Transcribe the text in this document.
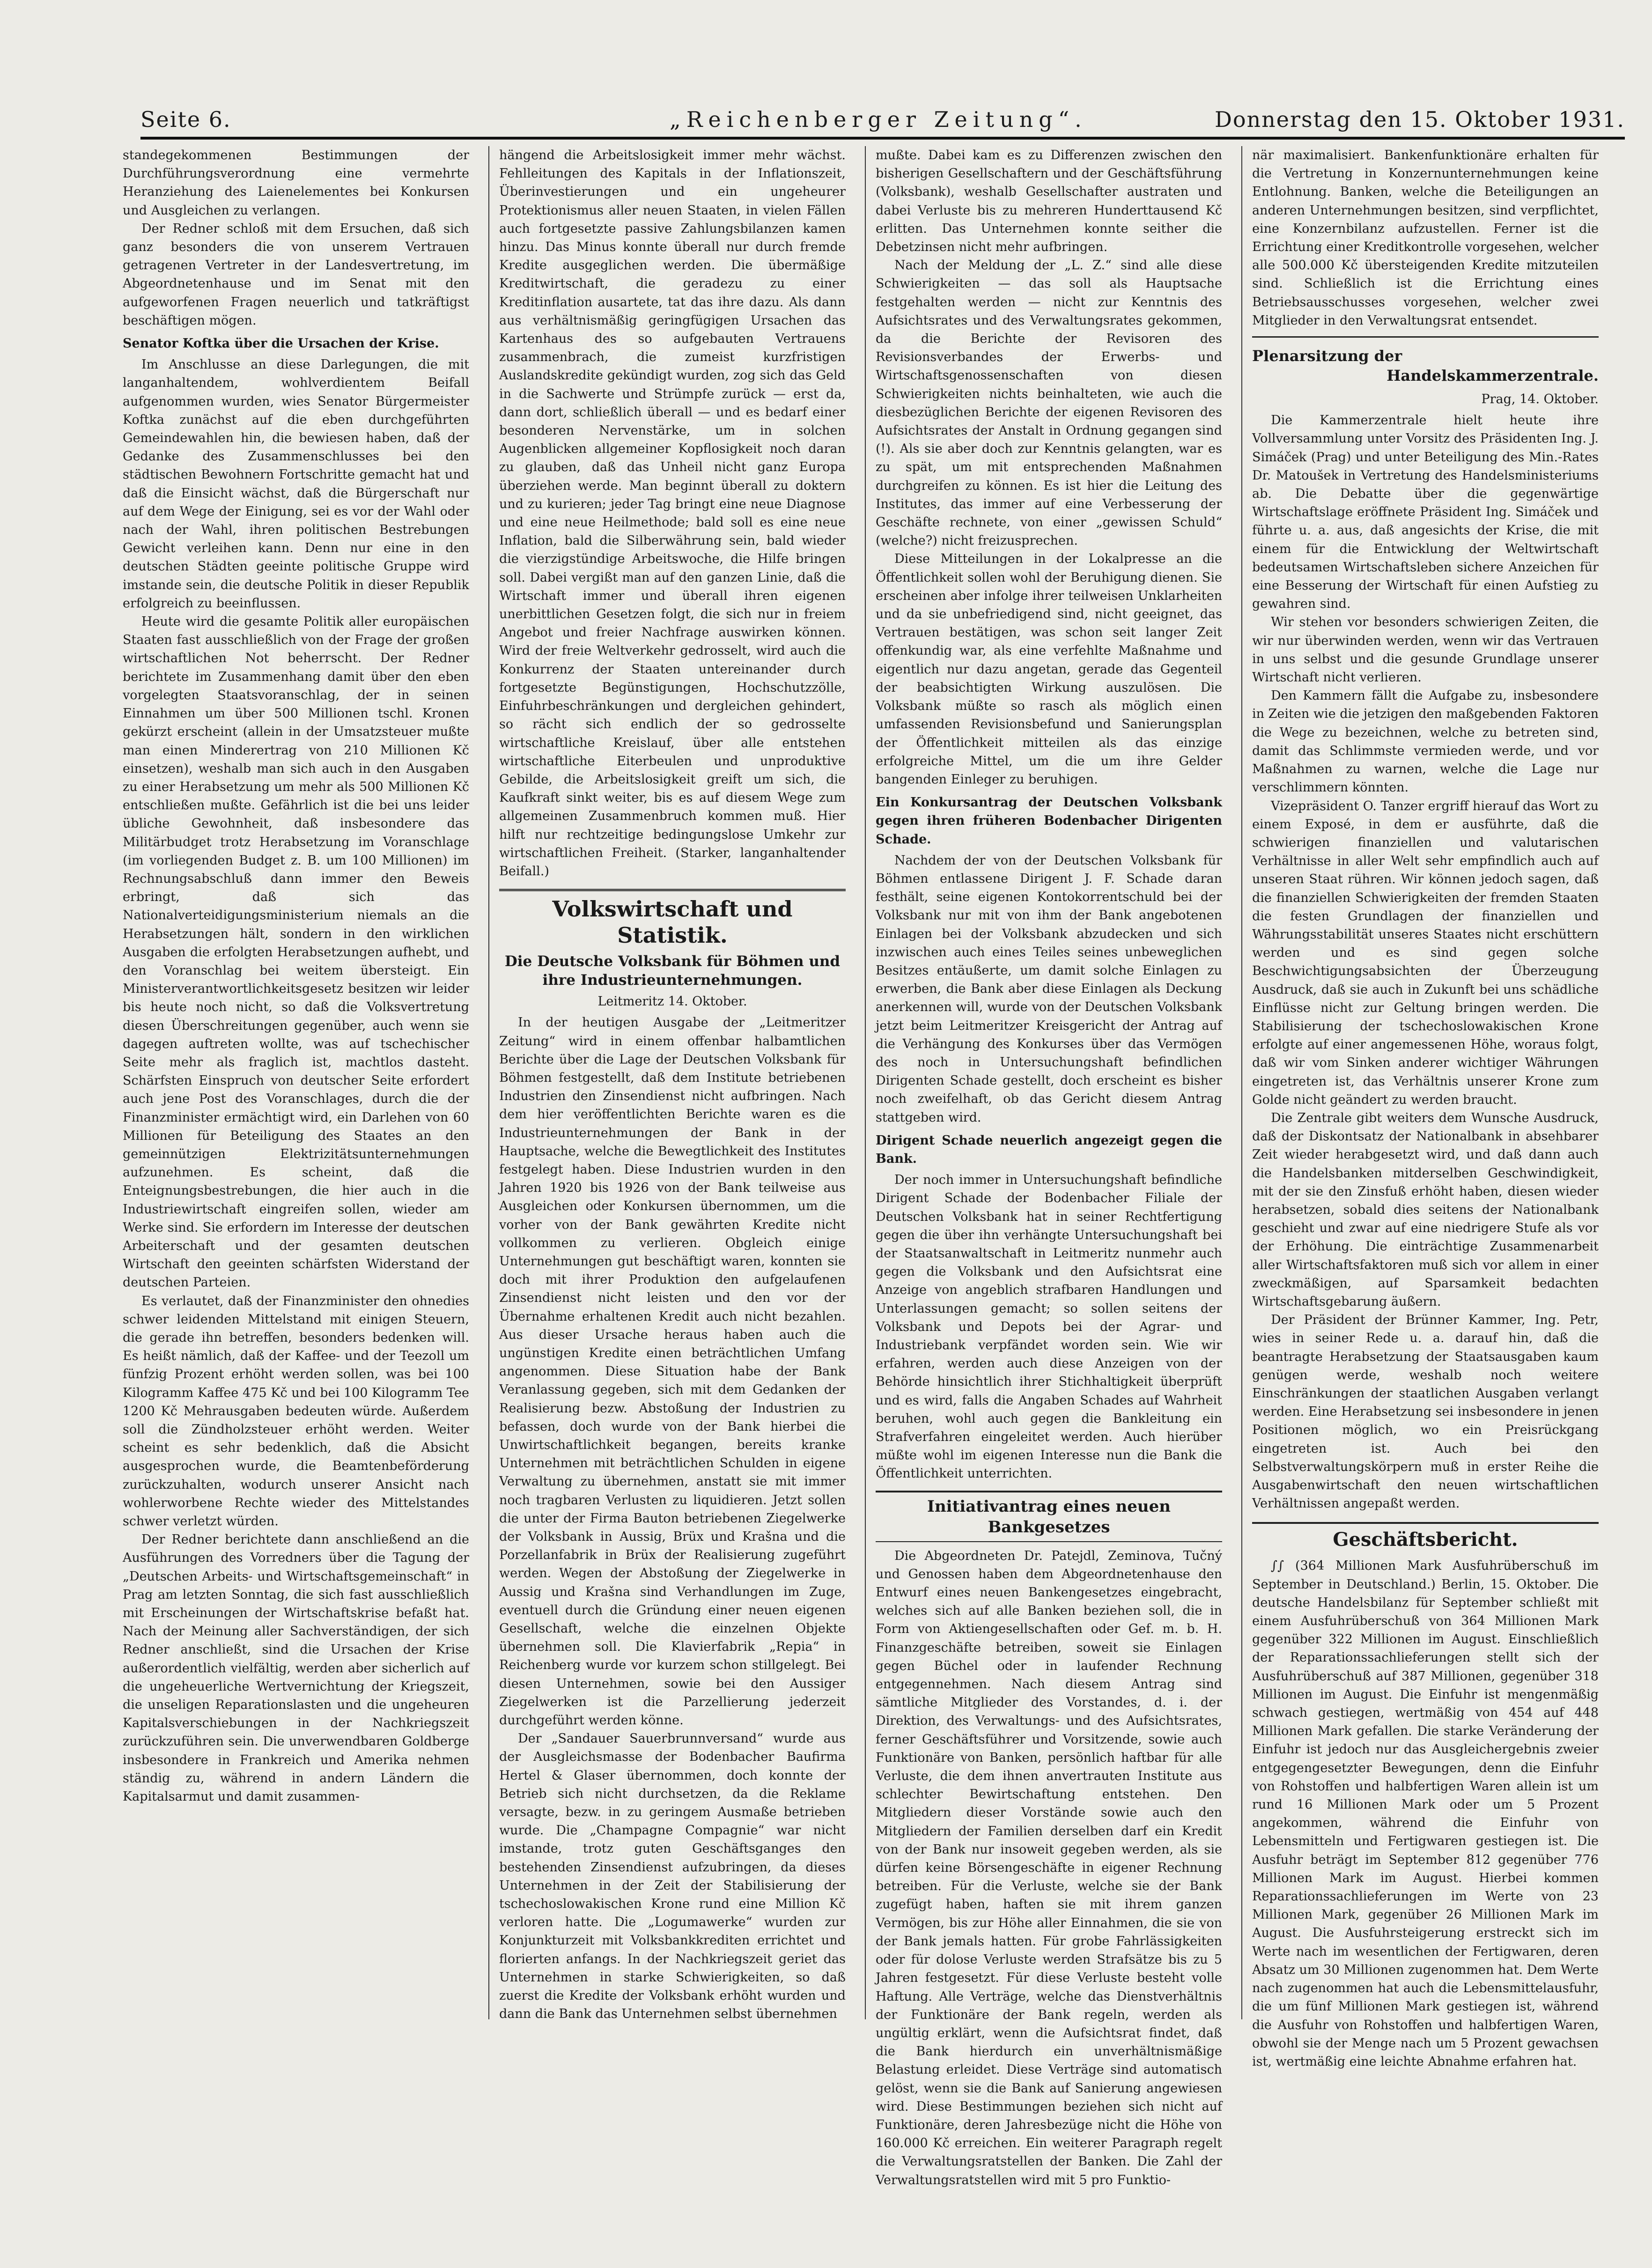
Seite 6.	„Reichenberger Zeitung“.	Donnerstag den 15. Oktober 1931.

standegekommenen Bestimmungen der Durchführungsverordnung eine vermehrte Heranziehung des Laienelementes bei Konkursen und Ausgleichen zu verlangen.

Der Redner schloß mit dem Ersuchen, daß sich ganz besonders die von unserem Vertrauen getragenen Vertreter in der Landesvertretung, im Abgeordnetenhause und im Senat mit den aufgeworfenen Fragen neuerlich und tatkräftigst beschäftigen mögen.

Senator Koftka über die Ursachen der Krise.

Im Anschlusse an diese Darlegungen, die mit langanhaltendem, wohlverdientem Beifall aufgenommen wurden, wies Senator Bürgermeister Koftka zunächst auf die eben durchgeführten Gemeindewahlen hin, die bewiesen haben, daß der Gedanke des Zusammenschlusses bei den städtischen Bewohnern Fortschritte gemacht hat und daß die Einsicht wächst, daß die Bürgerschaft nur auf dem Wege der Einigung, sei es vor der Wahl oder nach der Wahl, ihren politischen Bestrebungen Gewicht verleihen kann. Denn nur eine in den deutschen Städten geeinte politische Gruppe wird imstande sein, die deutsche Politik in dieser Republik erfolgreich zu beeinflussen.

Heute wird die gesamte Politik aller europäischen Staaten fast ausschließlich von der Frage der großen wirtschaftlichen Not beherrscht. Der Redner berichtete im Zusammenhang damit über den eben vorgelegten Staatsvoranschlag, der in seinen Einnahmen um über 500 Millionen tschl. Kronen gekürzt erscheint (allein in der Umsatzsteuer mußte man einen Minderertrag von 210 Millionen Kč einsetzen), weshalb man sich auch in den Ausgaben zu einer Herabsetzung um mehr als 500 Millionen Kč entschließen mußte. Gefährlich ist die bei uns leider übliche Gewohnheit, daß insbesondere das Militärbudget trotz Herabsetzung im Voranschlage (im vorliegenden Budget z. B. um 100 Millionen) im Rechnungsabschluß dann immer den Beweis erbringt, daß sich das Nationalverteidigungsministerium niemals an die Herabsetzungen hält, sondern in den wirklichen Ausgaben die erfolgten Herabsetzungen aufhebt, und den Voranschlag bei weitem übersteigt. Ein Ministerverantwortlichkeitsgesetz besitzen wir leider bis heute noch nicht, so daß die Volksvertretung diesen Überschreitungen gegenüber, auch wenn sie dagegen auftreten wollte, was auf tschechischer Seite mehr als fraglich ist, machtlos dasteht. Schärfsten Einspruch von deutscher Seite erfordert auch jene Post des Voranschlages, durch die der Finanzminister ermächtigt wird, ein Darlehen von 60 Millionen für Beteiligung des Staates an den gemeinnützigen Elektrizitätsunternehmungen aufzunehmen. Es scheint, daß die Enteignungsbestrebungen, die hier auch in die Industriewirtschaft eingreifen sollen, wieder am Werke sind. Sie erfordern im Interesse der deutschen Arbeiterschaft und der gesamten deutschen Wirtschaft den geeinten schärfsten Widerstand der deutschen Parteien.

Es verlautet, daß der Finanzminister den ohnedies schwer leidenden Mittelstand mit einigen Steuern, die gerade ihn betreffen, besonders bedenken will. Es heißt nämlich, daß der Kaffee- und der Teezoll um fünfzig Prozent erhöht werden sollen, was bei 100 Kilogramm Kaffee 475 Kč und bei 100 Kilogramm Tee 1200 Kč Mehrausgaben bedeuten würde. Außerdem soll die Zündholzsteuer erhöht werden. Weiter scheint es sehr bedenklich, daß die Absicht ausgesprochen wurde, die Beamtenbeförderung zurückzuhalten, wodurch unserer Ansicht nach wohlerworbene Rechte wieder des Mittelstandes schwer verletzt würden.

Der Redner berichtete dann anschließend an die Ausführungen des Vorredners über die Tagung der „Deutschen Arbeits- und Wirtschaftsgemeinschaft“ in Prag am letzten Sonntag, die sich fast ausschließlich mit Erscheinungen der Wirtschaftskrise befaßt hat. Nach der Meinung aller Sachverständigen, der sich Redner anschließt, sind die Ursachen der Krise außerordentlich vielfältig, werden aber sicherlich auf die ungeheuerliche Wertvernichtung der Kriegszeit, die unseligen Reparationslasten und die ungeheuren Kapitalsverschiebungen in der Nachkriegszeit zurückzuführen sein. Die unverwendbaren Goldberge insbesondere in Frankreich und Amerika nehmen ständig zu, während in andern Ländern die Kapitalsarmut und damit zusammen-

hängend die Arbeitslosigkeit immer mehr wächst. Fehlleitungen des Kapitals in der Inflationszeit, Überinvestierungen und ein ungeheurer Protektionismus aller neuen Staaten, in vielen Fällen auch fortgesetzte passive Zahlungsbilanzen kamen hinzu. Das Minus konnte überall nur durch fremde Kredite ausgeglichen werden. Die übermäßige Kreditwirtschaft, die geradezu zu einer Kreditinflation ausartete, tat das ihre dazu. Als dann aus verhältnismäßig geringfügigen Ursachen das Kartenhaus des so aufgebauten Vertrauens zusammenbrach, die zumeist kurzfristigen Auslandskredite gekündigt wurden, zog sich das Geld in die Sachwerte und Strümpfe zurück — erst da, dann dort, schließlich überall — und es bedarf einer besonderen Nervenstärke, um in solchen Augenblicken allgemeiner Kopflosigkeit noch daran zu glauben, daß das Unheil nicht ganz Europa überziehen werde. Man beginnt überall zu doktern und zu kurieren; jeder Tag bringt eine neue Diagnose und eine neue Heilmethode; bald soll es eine neue Inflation, bald die Silberwährung sein, bald wieder die vierzigstündige Arbeitswoche, die Hilfe bringen soll. Dabei vergißt man auf den ganzen Linie, daß die Wirtschaft immer und überall ihren eigenen unerbittlichen Gesetzen folgt, die sich nur in freiem Angebot und freier Nachfrage auswirken können. Wird der freie Weltverkehr gedrosselt, wird auch die Konkurrenz der Staaten untereinander durch fortgesetzte Begünstigungen, Hochschutzzölle, Einfuhrbeschränkungen und dergleichen gehindert, so rächt sich endlich der so gedrosselte wirtschaftliche Kreislauf, über alle entstehen wirtschaftliche Eiterbeulen und unproduktive Gebilde, die Arbeitslosigkeit greift um sich, die Kaufkraft sinkt weiter, bis es auf diesem Wege zum allgemeinen Zusammenbruch kommen muß. Hier hilft nur rechtzeitige bedingungslose Umkehr zur wirtschaftlichen Freiheit. (Starker, langanhaltender Beifall.)

Volkswirtschaft und Statistik.
Die Deutsche Volksbank für Böhmen und ihre Industrieunternehmungen.
Leitmeritz 14. Oktober.

In der heutigen Ausgabe der „Leitmeritzer Zeitung“ wird in einem offenbar halbamtlichen Berichte über die Lage der Deutschen Volksbank für Böhmen festgestellt, daß dem Institute betriebenen Industrien den Zinsendienst nicht aufbringen. Nach dem hier veröffentlichten Berichte waren es die Industrieunternehmungen der Bank in der Hauptsache, welche die Bewegtlichkeit des Institutes festgelegt haben. Diese Industrien wurden in den Jahren 1920 bis 1926 von der Bank teilweise aus Ausgleichen oder Konkursen übernommen, um die vorher von der Bank gewährten Kredite nicht vollkommen zu verlieren. Obgleich einige Unternehmungen gut beschäftigt waren, konnten sie doch mit ihrer Produktion den aufgelaufenen Zinsendienst nicht leisten und den vor der Übernahme erhaltenen Kredit auch nicht bezahlen. Aus dieser Ursache heraus haben auch die ungünstigen Kredite einen beträchtlichen Umfang angenommen. Diese Situation habe der Bank Veranlassung gegeben, sich mit dem Gedanken der Realisierung bezw. Abstoßung der Industrien zu befassen, doch wurde von der Bank hierbei die Unwirtschaftlichkeit begangen, bereits kranke Unternehmen mit beträchtlichen Schulden in eigene Verwaltung zu übernehmen, anstatt sie mit immer noch tragbaren Verlusten zu liquidieren. Jetzt sollen die unter der Firma Bauton betriebenen Ziegelwerke der Volksbank in Aussig, Brüx und Krašna und die Porzellanfabrik in Brüx der Realisierung zugeführt werden. Wegen der Abstoßung der Ziegelwerke in Aussig und Krašna sind Verhandlungen im Zuge, eventuell durch die Gründung einer neuen eigenen Gesellschaft, welche die einzelnen Objekte übernehmen soll. Die Klavierfabrik „Repia“ in Reichenberg wurde vor kurzem schon stillgelegt. Bei diesen Unternehmen, sowie bei den Aussiger Ziegelwerken ist die Parzellierung jederzeit durchgeführt werden könne.

Der „Sandauer Sauerbrunnversand“ wurde aus der Ausgleichsmasse der Bodenbacher Baufirma Hertel & Glaser übernommen, doch konnte der Betrieb sich nicht durchsetzen, da die Reklame versagte, bezw. in zu geringem Ausmaße betrieben wurde. Die „Champagne Compagnie“ war nicht imstande, trotz guten Geschäftsganges den bestehenden Zinsendienst aufzubringen, da dieses Unternehmen in der Zeit der Stabilisierung der tschechoslowakischen Krone rund eine Million Kč verloren hatte. Die „Logumawerke“ wurden zur Konjunkturzeit mit Volksbankkrediten errichtet und florierten anfangs. In der Nachkriegszeit geriet das Unternehmen in starke Schwierigkeiten, so daß zuerst die Kredite der Volksbank erhöht wurden und dann die Bank das Unternehmen selbst übernehmen

mußte. Dabei kam es zu Differenzen zwischen den bisherigen Gesellschaftern und der Geschäftsführung (Volksbank), weshalb Gesellschafter austraten und dabei Verluste bis zu mehreren Hunderttausend Kč erlitten. Das Unternehmen konnte seither die Debetzinsen nicht mehr aufbringen.

Nach der Meldung der „L. Z.“ sind alle diese Schwierigkeiten — das soll als Hauptsache festgehalten werden — nicht zur Kenntnis des Aufsichtsrates und des Verwaltungsrates gekommen, da die Berichte der Revisoren des Revisionsverbandes der Erwerbs- und Wirtschaftsgenossenschaften von diesen Schwierigkeiten nichts beinhalteten, wie auch die diesbezüglichen Berichte der eigenen Revisoren des Aufsichtsrates der Anstalt in Ordnung gegangen sind (!). Als sie aber doch zur Kenntnis gelangten, war es zu spät, um mit entsprechenden Maßnahmen durchgreifen zu können. Es ist hier die Leitung des Institutes, das immer auf eine Verbesserung der Geschäfte rechnete, von einer „gewissen Schuld“ (welche?) nicht freizusprechen.

Diese Mitteilungen in der Lokalpresse an die Öffentlichkeit sollen wohl der Beruhigung dienen. Sie erscheinen aber infolge ihrer teilweisen Unklarheiten und da sie unbefriedigend sind, nicht geeignet, das Vertrauen bestätigen, was schon seit langer Zeit offenkundig war, als eine verfehlte Maßnahme und eigentlich nur dazu angetan, gerade das Gegenteil der beabsichtigten Wirkung auszulösen. Die Volksbank müßte so rasch als möglich einen umfassenden Revisionsbefund und Sanierungsplan der Öffentlichkeit mitteilen als das einzige erfolgreiche Mittel, um die um ihre Gelder bangenden Einleger zu beruhigen.

Ein Konkursantrag der Deutschen Volksbank gegen ihren früheren Bodenbacher Dirigenten Schade.

Nachdem der von der Deutschen Volksbank für Böhmen entlassene Dirigent J. F. Schade daran festhält, seine eigenen Kontokorrentschuld bei der Volksbank nur mit von ihm der Bank angebotenen Einlagen bei der Volksbank abzudecken und sich inzwischen auch eines Teiles seines unbeweglichen Besitzes entäußerte, um damit solche Einlagen zu erwerben, die Bank aber diese Einlagen als Deckung anerkennen will, wurde von der Deutschen Volksbank jetzt beim Leitmeritzer Kreisgericht der Antrag auf die Verhängung des Konkurses über das Vermögen des noch in Untersuchungshaft befindlichen Dirigenten Schade gestellt, doch erscheint es bisher noch zweifelhaft, ob das Gericht diesem Antrag stattgeben wird.

Dirigent Schade neuerlich angezeigt gegen die Bank.

Der noch immer in Untersuchungshaft befindliche Dirigent Schade der Bodenbacher Filiale der Deutschen Volksbank hat in seiner Rechtfertigung gegen die über ihn verhängte Untersuchungshaft bei der Staatsanwaltschaft in Leitmeritz nunmehr auch gegen die Volksbank und den Aufsichtsrat eine Anzeige von angeblich strafbaren Handlungen und Unterlassungen gemacht; so sollen seitens der Volksbank und Depots bei der Agrar- und Industriebank verpfändet worden sein. Wie wir erfahren, werden auch diese Anzeigen von der Behörde hinsichtlich ihrer Stichhaltigkeit überprüft und es wird, falls die Angaben Schades auf Wahrheit beruhen, wohl auch gegen die Bankleitung ein Strafverfahren eingeleitet werden. Auch hierüber müßte wohl im eigenen Interesse nun die Bank die Öffentlichkeit unterrichten.

Initiativantrag eines neuen Bankgesetzes

Die Abgeordneten Dr. Patejdl, Zeminova, Tučný und Genossen haben dem Abgeordnetenhause den Entwurf eines neuen Bankengesetzes eingebracht, welches sich auf alle Banken beziehen soll, die in Form von Aktiengesellschaften oder Gef. m. b. H. Finanzgeschäfte betreiben, soweit sie Einlagen gegen Büchel oder in laufender Rechnung entgegennehmen. Nach diesem Antrag sind sämtliche Mitglieder des Vorstandes, d. i. der Direktion, des Verwaltungs- und des Aufsichtsrates, ferner Geschäftsführer und Vorsitzende, sowie auch Funktionäre von Banken, persönlich haftbar für alle Verluste, die dem ihnen anvertrauten Institute aus schlechter Bewirtschaftung entstehen. Den Mitgliedern dieser Vorstände sowie auch den Mitgliedern der Familien derselben darf ein Kredit von der Bank nur insoweit gegeben werden, als sie dürfen keine Börsengeschäfte in eigener Rechnung betreiben. Für die Verluste, welche sie der Bank zugefügt haben, haften sie mit ihrem ganzen Vermögen, bis zur Höhe aller Einnahmen, die sie von der Bank jemals hatten. Für grobe Fahrlässigkeiten oder für dolose Verluste werden Strafsätze bis zu 5 Jahren festgesetzt. Für diese Verluste besteht volle Haftung. Alle Verträge, welche das Dienstverhältnis der Funktionäre der Bank regeln, werden als ungültig erklärt, wenn die Aufsichtsrat findet, daß die Bank hierdurch ein unverhältnismäßige Belastung erleidet. Diese Verträge sind automatisch gelöst, wenn sie die Bank auf Sanierung angewiesen wird. Diese Bestimmungen beziehen sich nicht auf Funktionäre, deren Jahresbezüge nicht die Höhe von 160.000 Kč erreichen. Ein weiterer Paragraph regelt die Verwaltungsratstellen der Banken. Die Zahl der Verwaltungsratstellen wird mit 5 pro Funktio-

när maximalisiert. Bankenfunktionäre erhalten für die Vertretung in Konzernunternehmungen keine Entlohnung. Banken, welche die Beteiligungen an anderen Unternehmungen besitzen, sind verpflichtet, eine Konzernbilanz aufzustellen. Ferner ist die Errichtung einer Kreditkontrolle vorgesehen, welcher alle 500.000 Kč übersteigenden Kredite mitzuteilen sind. Schließlich ist die Errichtung eines Betriebsausschusses vorgesehen, welcher zwei Mitglieder in den Verwaltungsrat entsendet.

Plenarsitzung der
Handelskammerzentrale.
Prag, 14. Oktober.

Die Kammerzentrale hielt heute ihre Vollversammlung unter Vorsitz des Präsidenten Ing. J. Simáček (Prag) und unter Beteiligung des Min.-Rates Dr. Matoušek in Vertretung des Handelsministeriums ab. Die Debatte über die gegenwärtige Wirtschaftslage eröffnete Präsident Ing. Simáček und führte u. a. aus, daß angesichts der Krise, die mit einem für die Entwicklung der Weltwirtschaft bedeutsamen Wirtschaftsleben sichere Anzeichen für eine Besserung der Wirtschaft für einen Aufstieg zu gewahren sind.

Wir stehen vor besonders schwierigen Zeiten, die wir nur überwinden werden, wenn wir das Vertrauen in uns selbst und die gesunde Grundlage unserer Wirtschaft nicht verlieren.

Den Kammern fällt die Aufgabe zu, insbesondere in Zeiten wie die jetzigen den maßgebenden Faktoren die Wege zu bezeichnen, welche zu betreten sind, damit das Schlimmste vermieden werde, und vor Maßnahmen zu warnen, welche die Lage nur verschlimmern könnten.

Vizepräsident O. Tanzer ergriff hierauf das Wort zu einem Exposé, in dem er ausführte, daß die schwierigen finanziellen und valutarischen Verhältnisse in aller Welt sehr empfindlich auch auf unseren Staat rühren. Wir können jedoch sagen, daß die finanziellen Schwierigkeiten der fremden Staaten die festen Grundlagen der finanziellen und Währungsstabilität unseres Staates nicht erschüttern werden und es sind gegen solche Beschwichtigungsabsichten der Überzeugung Ausdruck, daß sie auch in Zukunft bei uns schädliche Einflüsse nicht zur Geltung bringen werden. Die Stabilisierung der tschechoslowakischen Krone erfolgte auf einer angemessenen Höhe, woraus folgt, daß wir vom Sinken anderer wichtiger Währungen eingetreten ist, das Verhältnis unserer Krone zum Golde nicht geändert zu werden braucht.

Die Zentrale gibt weiters dem Wunsche Ausdruck, daß der Diskontsatz der Nationalbank in absehbarer Zeit wieder herabgesetzt wird, und daß dann auch die Handelsbanken mitderselben Geschwindigkeit, mit der sie den Zinsfuß erhöht haben, diesen wieder herabsetzen, sobald dies seitens der Nationalbank geschieht und zwar auf eine niedrigere Stufe als vor der Erhöhung. Die einträchtige Zusammenarbeit aller Wirtschaftsfaktoren muß sich vor allem in einer zweckmäßigen, auf Sparsamkeit bedachten Wirtschaftsgebarung äußern.

Der Präsident der Brünner Kammer, Ing. Petr, wies in seiner Rede u. a. darauf hin, daß die beantragte Herabsetzung der Staatsausgaben kaum genügen werde, weshalb noch weitere Einschränkungen der staatlichen Ausgaben verlangt werden. Eine Herabsetzung sei insbesondere in jenen Positionen möglich, wo ein Preisrückgang eingetreten ist. Auch bei den Selbstverwaltungskörpern muß in erster Reihe die Ausgabenwirtschaft den neuen wirtschaftlichen Verhältnissen angepaßt werden.

Geschäftsbericht.

∫∫ (364 Millionen Mark Ausfuhrüberschuß im September in Deutschland.) Berlin, 15. Oktober. Die deutsche Handelsbilanz für September schließt mit einem Ausfuhrüberschuß von 364 Millionen Mark gegenüber 322 Millionen im August. Einschließlich der Reparationssachlieferungen stellt sich der Ausfuhrüberschuß auf 387 Millionen, gegenüber 318 Millionen im August. Die Einfuhr ist mengenmäßig schwach gestiegen, wertmäßig von 454 auf 448 Millionen Mark gefallen. Die starke Veränderung der Einfuhr ist jedoch nur das Ausgleichergebnis zweier entgegengesetzter Bewegungen, denn die Einfuhr von Rohstoffen und halbfertigen Waren allein ist um rund 16 Millionen Mark oder um 5 Prozent angekommen, während die Einfuhr von Lebensmitteln und Fertigwaren gestiegen ist. Die Ausfuhr beträgt im September 812 gegenüber 776 Millionen Mark im August. Hierbei kommen Reparationssachlieferungen im Werte von 23 Millionen Mark, gegenüber 26 Millionen Mark im August. Die Ausfuhrsteigerung erstreckt sich im Werte nach im wesentlichen der Fertigwaren, deren Absatz um 30 Millionen zugenommen hat. Dem Werte nach zugenommen hat auch die Lebensmittelausfuhr, die um fünf Millionen Mark gestiegen ist, während die Ausfuhr von Rohstoffen und halbfertigen Waren, obwohl sie der Menge nach um 5 Prozent gewachsen ist, wertmäßig eine leichte Abnahme erfahren hat.
